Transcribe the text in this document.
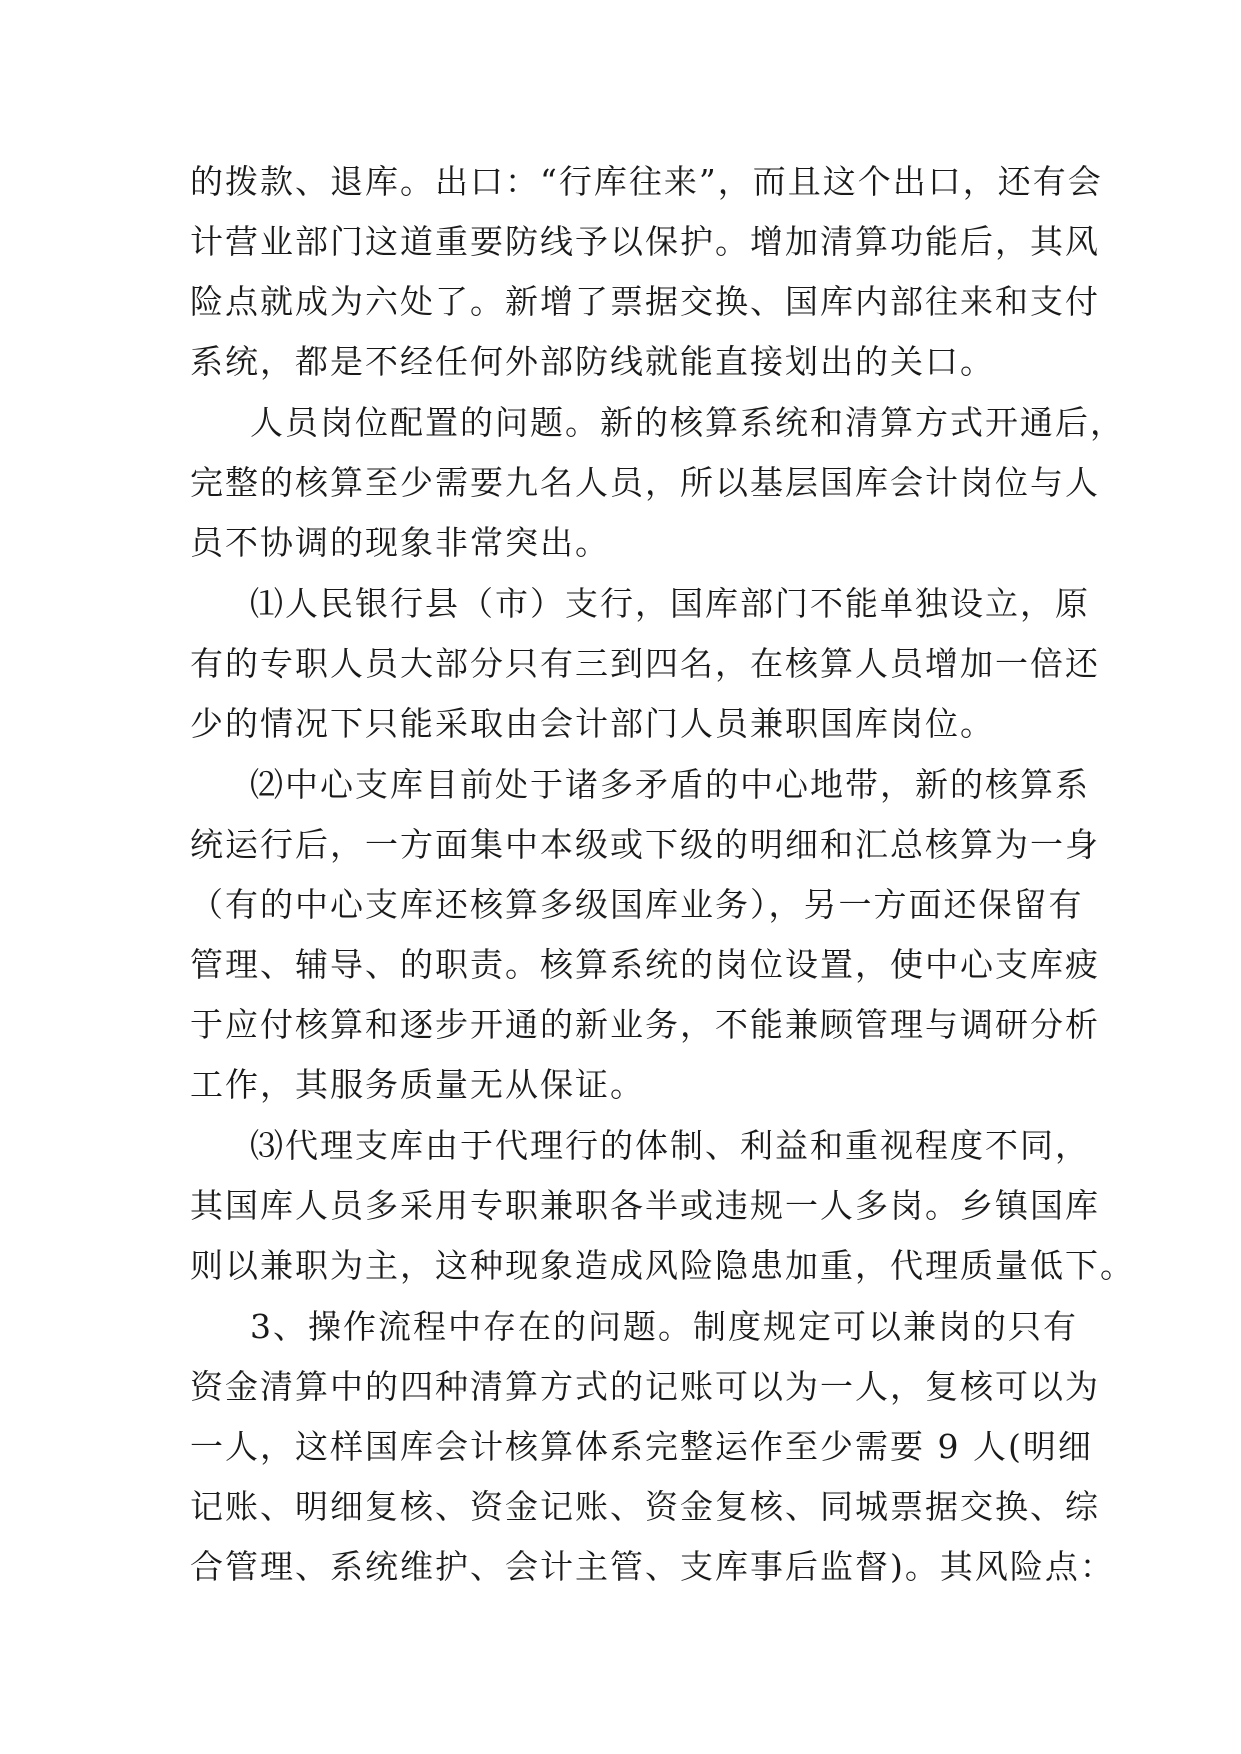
的拨款、退库。出口：“行库往来”，而且这个出口，还有会
计营业部门这道重要防线予以保护。增加清算功能后，其风
险点就成为六处了。新增了票据交换、国库内部往来和支付
系统，都是不经任何外部防线就能直接划出的关口。
人员岗位配置的问题。新的核算系统和清算方式开通后，
完整的核算至少需要九名人员，所以基层国库会计岗位与人
员不协调的现象非常突出。
⑴人民银行县（市）支行，国库部门不能单独设立，原
有的专职人员大部分只有三到四名，在核算人员增加一倍还
少的情况下只能采取由会计部门人员兼职国库岗位。
⑵中心支库目前处于诸多矛盾的中心地带，新的核算系
统运行后，一方面集中本级或下级的明细和汇总核算为一身
（有的中心支库还核算多级国库业务），另一方面还保留有
管理、辅导、的职责。核算系统的岗位设置，使中心支库疲
于应付核算和逐步开通的新业务，不能兼顾管理与调研分析
工作，其服务质量无从保证。
⑶代理支库由于代理行的体制、利益和重视程度不同，
其国库人员多采用专职兼职各半或违规一人多岗。乡镇国库
则以兼职为主，这种现象造成风险隐患加重，代理质量低下。
3、操作流程中存在的问题。制度规定可以兼岗的只有
资金清算中的四种清算方式的记账可以为一人，复核可以为
一人，这样国库会计核算体系完整运作至少需要 9 人(明细
记账、明细复核、资金记账、资金复核、同城票据交换、综
合管理、系统维护、会计主管、支库事后监督)。其风险点：
